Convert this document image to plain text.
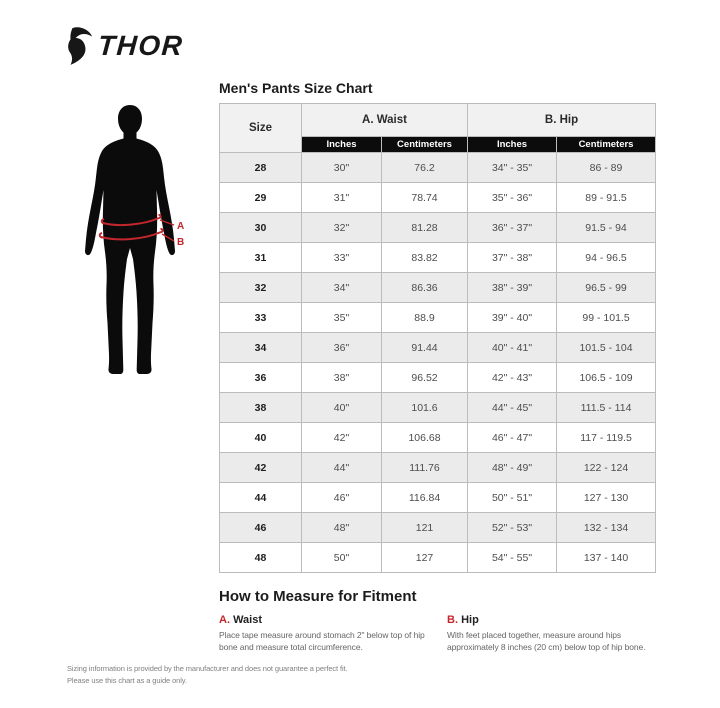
THOR
A
B
Men's Pants Size Chart
Size	A. Waist		B. Hip	
	Inches	Centimeters	Inches	Centimeters
28	30"	76.2	34" - 35"	86 - 89
29	31"	78.74	35" - 36"	89 - 91.5
30	32"	81.28	36" - 37"	91.5 - 94
31	33"	83.82	37" - 38"	94 - 96.5
32	34"	86.36	38" - 39"	96.5 - 99
33	35"	88.9	39" - 40"	99 - 101.5
34	36"	91.44	40" - 41"	101.5 - 104
36	38"	96.52	42" - 43"	106.5 - 109
38	40"	101.6	44" - 45"	111.5 - 114
40	42"	106.68	46" - 47"	117 - 119.5
42	44"	111.76	48" - 49"	122 - 124
44	46"	116.84	50" - 51"	127 - 130
46	48"	121	52" - 53"	132 - 134
48	50"	127	54" - 55"	137 - 140
How to Measure for Fitment

A. Waist

Place tape measure around stomach 2" below top of hip bone and measure total circumference.

B. Hip

With feet placed together, measure around hips approximately 8 inches (20 cm) below top of hip bone.

Sizing information is provided by the manufacturer and does not guarantee a perfect fit.

Please use this chart as a guide only.
